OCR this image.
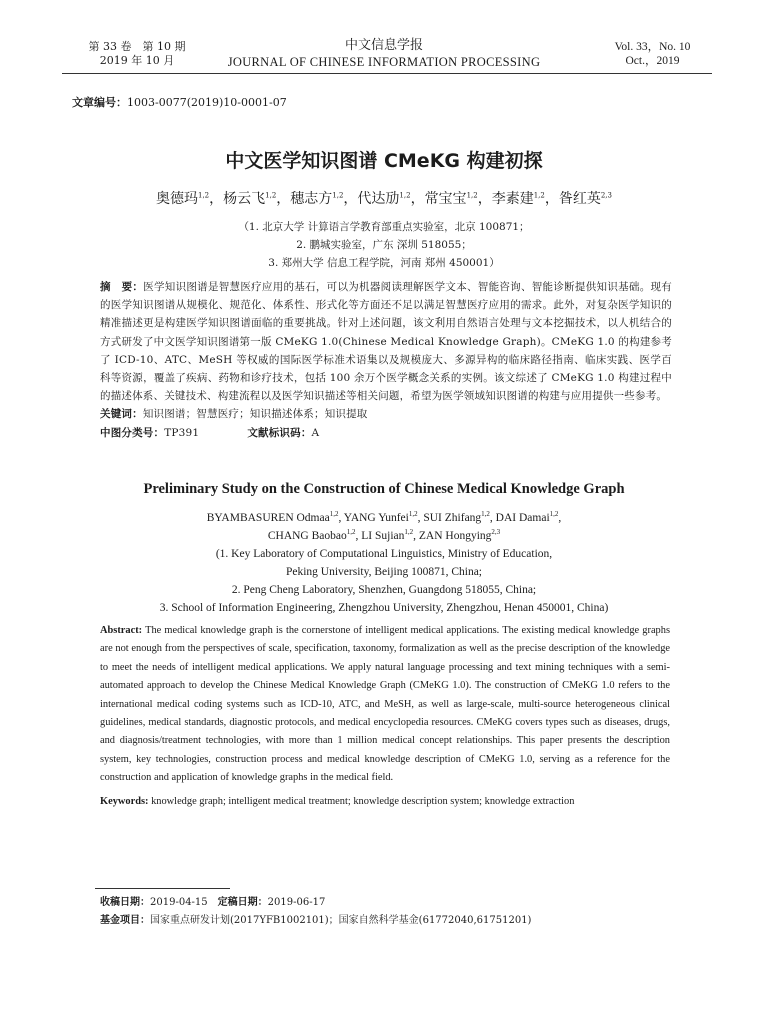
第 33 卷　第 10 期
2019 年 10 月
中文信息学报
JOURNAL OF CHINESE INFORMATION PROCESSING
Vol. 33，No. 10
Oct.，2019
文章编号：1003-0077(2019)10-0001-07
中文医学知识图谱 CMeKG 构建初探
奥德玛$^{1,2}$，杨云飞$^{1,2}$，穗志方$^{1,2}$，代达劢$^{1,2}$，常宝宝$^{1,2}$，李素建$^{1,2}$，昝红英$^{2,3}$
（1. 北京大学 计算语言学教育部重点实验室，北京 100871；
2. 鹏城实验室，广东 深圳 518055；
3. 郑州大学 信息工程学院，河南 郑州 450001）
摘　要：医学知识图谱是智慧医疗应用的基石，可以为机器阅读理解医学文本、智能咨询、智能诊断提供知识基础。现有的医学知识图谱从规模化、规范化、体系性、形式化等方面还不足以满足智慧医疗应用的需求。此外，对复杂医学知识的精准描述更是构建医学知识图谱面临的重要挑战。针对上述问题，该文利用自然语言处理与文本挖掘技术，以人机结合的方式研发了中文医学知识图谱第一版 CMeKG 1.0(Chinese Medical Knowledge Graph)。CMeKG 1.0 的构建参考了 ICD-10、ATC、MeSH 等权威的国际医学标准术语集以及规模庞大、多源异构的临床路径指南、临床实践、医学百科等资源，覆盖了疾病、药物和诊疗技术，包括 100 余万个医学概念关系的实例。该文综述了 CMeKG 1.0 构建过程中的描述体系、关键技术、构建流程以及医学知识描述等相关问题，希望为医学领域知识图谱的构建与应用提供一些参考。
关键词：知识图谱；智慧医疗；知识描述体系；知识提取
中图分类号：TP391	文献标识码：A
Preliminary Study on the Construction of Chinese Medical Knowledge Graph
BYAMBASUREN Odmaa$^{1,2}$, YANG Yunfei$^{1,2}$, SUI Zhifang$^{1,2}$, DAI Damai$^{1,2}$,
CHANG Baobao$^{1,2}$, LI Sujian$^{1,2}$, ZAN Hongying$^{2,3}$
(1. Key Laboratory of Computational Linguistics, Ministry of Education,
Peking University, Beijing 100871, China;
2. Peng Cheng Laboratory, Shenzhen, Guangdong 518055, China;
3. School of Information Engineering, Zhengzhou University, Zhengzhou, Henan 450001, China)
Abstract: The medical knowledge graph is the cornerstone of intelligent medical applications. The existing medical knowledge graphs are not enough from the perspectives of scale, specification, taxonomy, formalization as well as the precise description of the knowledge to meet the needs of intelligent medical applications. We apply natural language processing and text mining techniques with a semi-automated approach to develop the Chinese Medical Knowledge Graph (CMeKG 1.0). The construction of CMeKG 1.0 refers to the international medical coding systems such as ICD-10, ATC, and MeSH, as well as large-scale, multi-source heterogeneous clinical guidelines, medical standards, diagnostic protocols, and medical encyclopedia resources. CMeKG covers types such as diseases, drugs, and diagnosis/treatment technologies, with more than 1 million medical concept relationships. This paper presents the description system, key technologies, construction process and medical knowledge description of CMeKG 1.0, serving as a reference for the construction and application of knowledge graphs in the medical field.
Keywords: knowledge graph; intelligent medical treatment; knowledge description system; knowledge extraction
收稿日期：2019-04-15 定稿日期：2019-06-17
基金项目：国家重点研发计划(2017YFB1002101)；国家自然科学基金(61772040,61751201)
